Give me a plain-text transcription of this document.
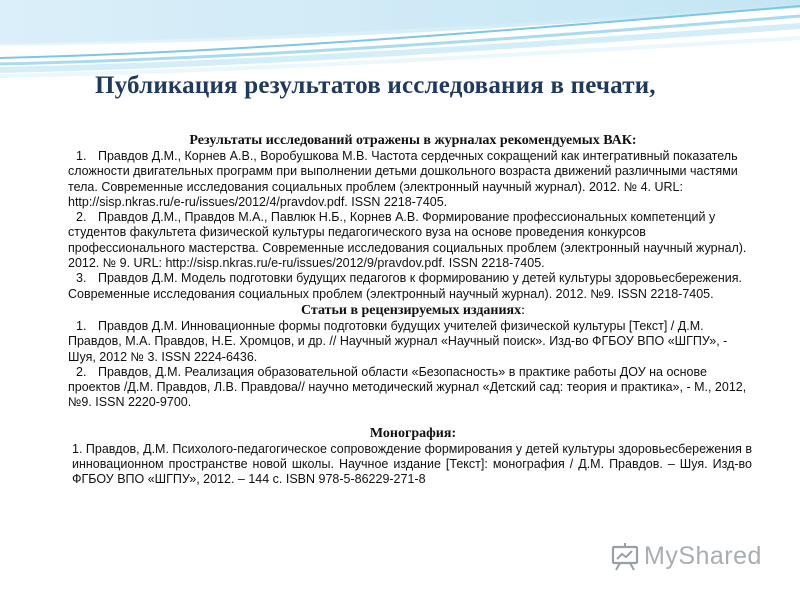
Публикация результатов исследования в печати,
Результаты исследований отражены в журналах рекомендуемых ВАК:
1. Правдов Д.М., Корнев А.В., Воробушкова М.В. Частота сердечных сокращений как интегративный показатель сложности двигательных программ при выполнении детьми дошкольного возраста движений различными частями тела. Современные исследования социальных проблем (электронный научный журнал). 2012. № 4. URL: http://sisp.nkras.ru/e-ru/issues/2012/4/pravdov.pdf. ISSN 2218-7405.
2. Правдов Д.М., Правдов М.А., Павлюк Н.Б., Корнев А.В. Формирование профессиональных компетенций у студентов факультета физической культуры педагогического вуза на основе проведения конкурсов профессионального мастерства. Современные исследования социальных проблем (электронный научный журнал). 2012. № 9. URL: http://sisp.nkras.ru/e-ru/issues/2012/9/pravdov.pdf. ISSN 2218-7405.
3. Правдов Д.М. Модель подготовки будущих педагогов к формированию у детей культуры здоровьесбережения. Современные исследования социальных проблем (электронный научный журнал). 2012. №9. ISSN 2218-7405.
Статьи в рецензируемых изданиях:
1. Правдов Д.М. Инновационные формы подготовки будущих учителей физической культуры [Текст] / Д.М. Правдов, М.А. Правдов, Н.Е. Хромцов, и др. // Научный журнал «Научный поиск». Изд-во ФГБОУ ВПО «ШГПУ», - Шуя, 2012 № 3. ISSN 2224-6436.
2. Правдов, Д.М. Реализация образовательной области «Безопасность» в практике работы ДОУ на основе проектов /Д.М. Правдов, Л.В. Правдова// научно методический журнал «Детский сад: теория и практика», - М., 2012, №9. ISSN 2220-9700.
Монография:
1. Правдов, Д.М. Психолого-педагогическое сопровождение формирования у детей культуры здоровьесбережения в инновационном пространстве новой школы. Научное издание [Текст]: монография / Д.М. Правдов. – Шуя. Изд-во ФГБОУ ВПО «ШГПУ», 2012. – 144 с. ISBN 978-5-86229-271-8
MyShared
